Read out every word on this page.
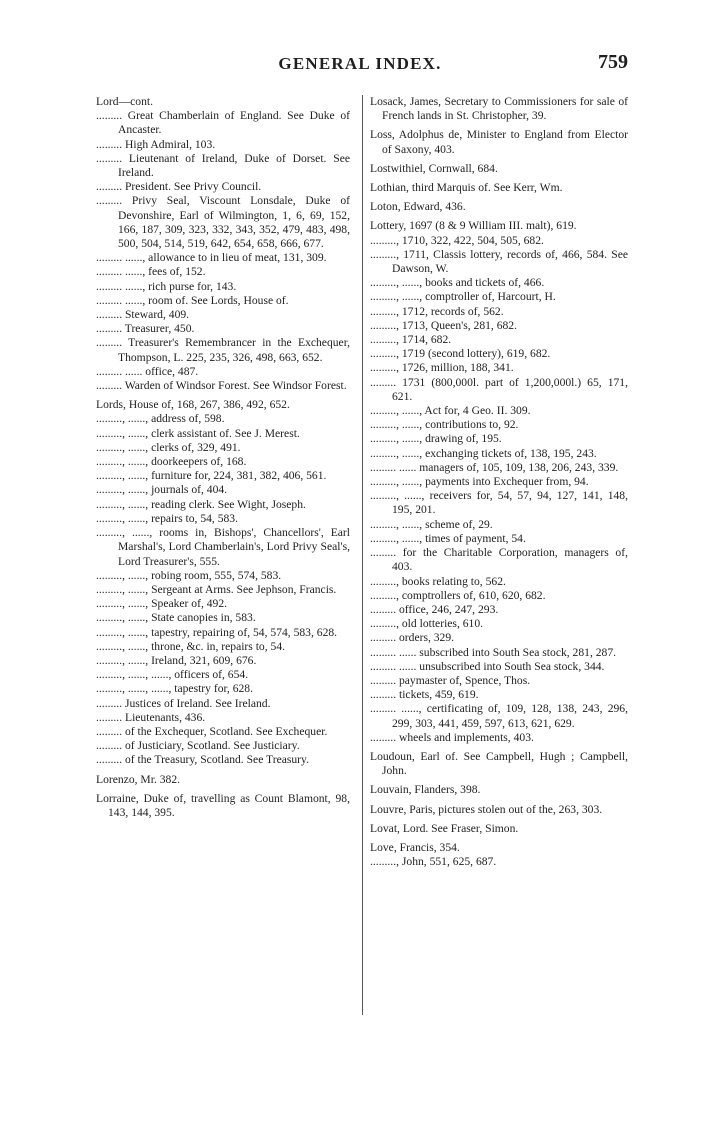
GENERAL INDEX.	759
Lord—cont.
......... Great Chamberlain of England. See Duke of Ancaster.
......... High Admiral, 103.
......... Lieutenant of Ireland, Duke of Dorset. See Ireland.
......... President. See Privy Council.
......... Privy Seal, Viscount Lonsdale, Duke of Devonshire, Earl of Wilmington, 1, 6, 69, 152, 166, 187, 309, 323, 332, 343, 352, 479, 483, 498, 500, 504, 514, 519, 642, 654, 658, 666, 677.
......... ......, allowance to in lieu of meat, 131, 309.
......... ......, fees of, 152.
......... ......, rich purse for, 143.
......... ......, room of. See Lords, House of.
......... Steward, 409.
......... Treasurer, 450.
......... Treasurer's Remembrancer in the Exchequer, Thompson, L. 225, 235, 326, 498, 663, 652.
......... ...... office, 487.
......... Warden of Windsor Forest. See Windsor Forest.
Lords, House of, 168, 267, 386, 492, 652.
........., ......, address of, 598.
........., ......, clerk assistant of. See J. Merest.
........., ......, clerks of, 329, 491.
........., ......, doorkeepers of, 168.
........., ......, furniture for, 224, 381, 382, 406, 561.
........., ......, journals of, 404.
........., ......, reading clerk. See Wight, Joseph.
........., ......, repairs to, 54, 583.
........., ......, rooms in, Bishops', Chancellors', Earl Marshal's, Lord Chamberlain's, Lord Privy Seal's, Lord Treasurer's, 555.
........., ......, robing room, 555, 574, 583.
........., ......, Sergeant at Arms. See Jephson, Francis.
........., ......, Speaker of, 492.
........., ......, State canopies in, 583.
........., ......, tapestry, repairing of, 54, 574, 583, 628.
........., ......, throne, &c. in, repairs to, 54.
........., ......, Ireland, 321, 609, 676.
........., ......, ......, officers of, 654.
........., ......, ......, tapestry for, 628.
......... Justices of Ireland. See Ireland.
......... Lieutenants, 436.
......... of the Exchequer, Scotland. See Exchequer.
......... of Justiciary, Scotland. See Justiciary.
......... of the Treasury, Scotland. See Treasury.
Lorenzo, Mr. 382.
Lorraine, Duke of, travelling as Count Blamont, 98, 143, 144, 395.
Losack, James, Secretary to Commissioners for sale of French lands in St. Christopher, 39.
Loss, Adolphus de, Minister to England from Elector of Saxony, 403.
Lostwithiel, Cornwall, 684.
Lothian, third Marquis of. See Kerr, Wm.
Loton, Edward, 436.
Lottery, 1697 (8 & 9 William III. malt), 619.
........., 1710, 322, 422, 504, 505, 682.
........., 1711, Classis lottery, records of, 466, 584. See Dawson, W.
........., ......, books and tickets of, 466.
........., ......, comptroller of, Harcourt, H.
........., 1712, records of, 562.
........., 1713, Queen's, 281, 682.
........., 1714, 682.
........., 1719 (second lottery), 619, 682.
........., 1726, million, 188, 341.
......... 1731 (800,000l. part of 1,200,000l.) 65, 171, 621.
........., ......, Act for, 4 Geo. II. 309.
........., ......, contributions to, 92.
........., ......, drawing of, 195.
........., ......, exchanging tickets of, 138, 195, 243.
......... ...... managers of, 105, 109, 138, 206, 243, 339.
........., ......, payments into Exchequer from, 94.
........., ......, receivers for, 54, 57, 94, 127, 141, 148, 195, 201.
........., ......, scheme of, 29.
........., ......, times of payment, 54.
......... for the Charitable Corporation, managers of, 403.
........., books relating to, 562.
........., comptrollers of, 610, 620, 682.
......... office, 246, 247, 293.
........., old lotteries, 610.
......... orders, 329.
......... ...... subscribed into South Sea stock, 281, 287.
......... ...... unsubscribed into South Sea stock, 344.
......... paymaster of, Spence, Thos.
......... tickets, 459, 619.
......... ......, certificating of, 109, 128, 138, 243, 296, 299, 303, 441, 459, 597, 613, 621, 629.
......... wheels and implements, 403.
Loudoun, Earl of. See Campbell, Hugh ; Campbell, John.
Louvain, Flanders, 398.
Louvre, Paris, pictures stolen out of the, 263, 303.
Lovat, Lord. See Fraser, Simon.
Love, Francis, 354.
........., John, 551, 625, 687.
